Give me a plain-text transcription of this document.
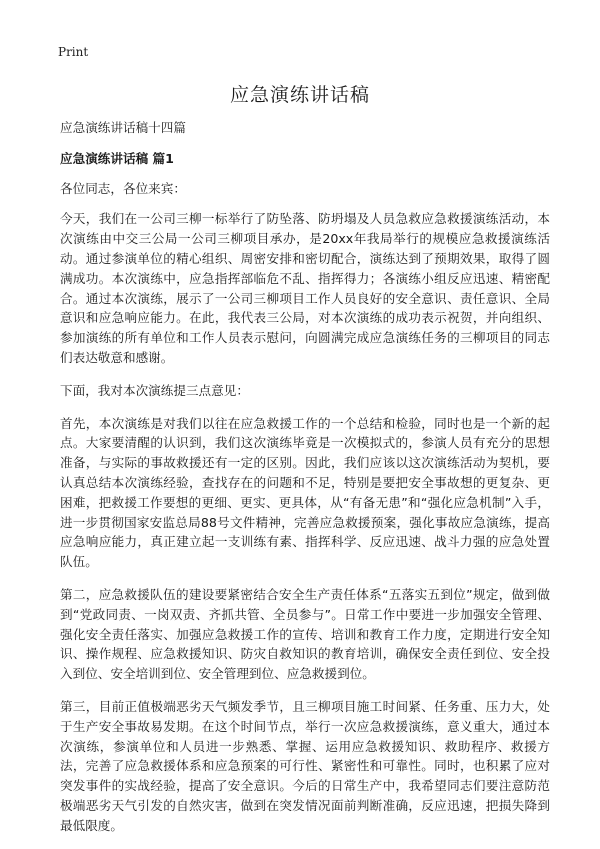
Print
应急演练讲话稿

应急演练讲话稿十四篇

应急演练讲话稿 篇1

各位同志，各位来宾：

今天，我们在一公司三柳一标举行了防坠落、防坍塌及人员急救应急救援演练活动，本次演练由中交三公局一公司三柳项目承办，是20xx年我局举行的规模应急救援演练活动。通过参演单位的精心组织、周密安排和密切配合，演练达到了预期效果，取得了圆满成功。本次演练中，应急指挥部临危不乱、指挥得力；各演练小组反应迅速、精密配合。通过本次演练，展示了一公司三柳项目工作人员良好的安全意识、责任意识、全局意识和应急响应能力。在此，我代表三公局，对本次演练的成功表示祝贺，并向组织、参加演练的所有单位和工作人员表示慰问，向圆满完成应急演练任务的三柳项目的同志们表达敬意和感谢。

下面，我对本次演练提三点意见：

首先，本次演练是对我们以往在应急救援工作的一个总结和检验，同时也是一个新的起点。大家要清醒的认识到，我们这次演练毕竟是一次模拟式的，参演人员有充分的思想准备，与实际的事故救援还有一定的区别。因此，我们应该以这次演练活动为契机，要认真总结本次演练经验，查找存在的问题和不足，特别是要把安全事故想的更复杂、更困难，把救援工作要想的更细、更实、更具体，从“有备无患”和“强化应急机制”入手，进一步贯彻国家安监总局88号文件精神，完善应急救援预案，强化事故应急演练，提高应急响应能力，真正建立起一支训练有素、指挥科学、反应迅速、战斗力强的应急处置队伍。

第二，应急救援队伍的建设要紧密结合安全生产责任体系“五落实五到位”规定，做到做到“党政同责、一岗双责、齐抓共管、全员参与”。日常工作中要进一步加强安全管理、强化安全责任落实、加强应急救援工作的宣传、培训和教育工作力度，定期进行安全知识、操作规程、应急救援知识、防灾自救知识的教育培训，确保安全责任到位、安全投入到位、安全培训到位、安全管理到位、应急救援到位。

第三，目前正值极端恶劣天气频发季节，且三柳项目施工时间紧、任务重、压力大，处于生产安全事故易发期。在这个时间节点，举行一次应急救援演练，意义重大，通过本次演练，参演单位和人员进一步熟悉、掌握、运用应急救援知识、救助程序、救援方法，完善了应急救援体系和应急预案的可行性、紧密性和可靠性。同时，也积累了应对突发事件的实战经验，提高了安全意识。今后的日常生产中，我希望同志们要注意防范极端恶劣天气引发的自然灾害，做到在突发情况面前判断准确，反应迅速，把损失降到最低限度。
